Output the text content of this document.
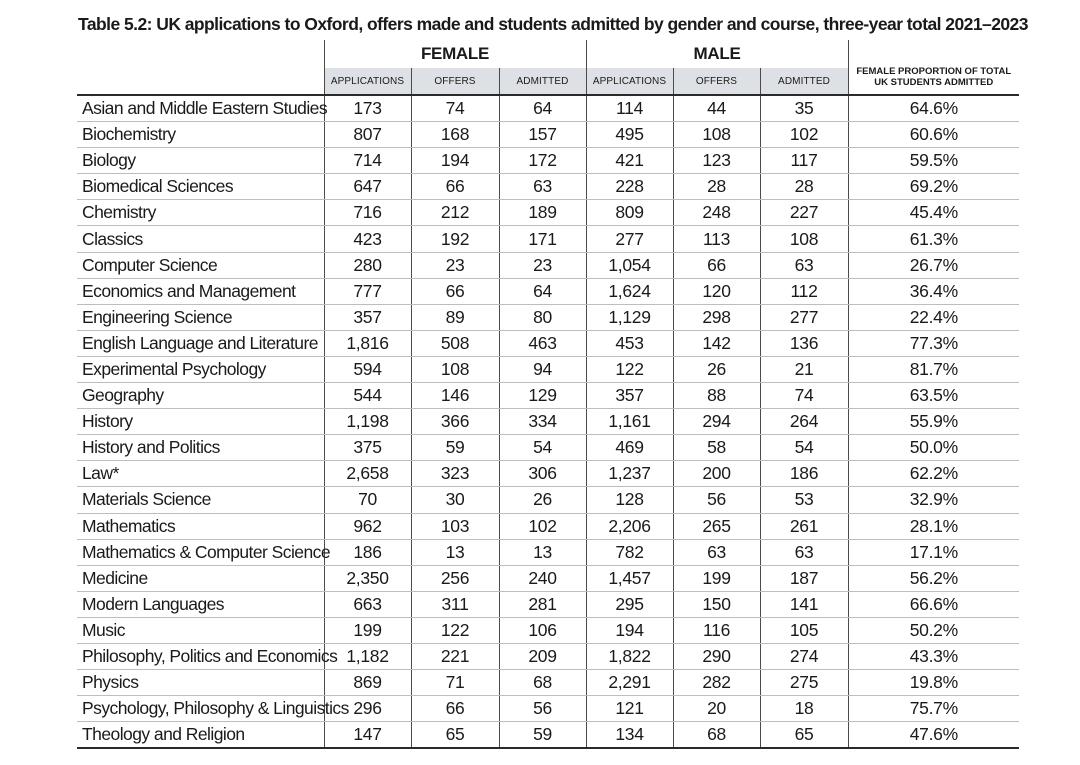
Table 5.2: UK applications to Oxford, offers made and students admitted by gender and course, three-year total 2021–2023
	FEMALE			MALE			FEMALE PROPORTION OF TOTAL UK STUDENTS ADMITTED
	APPLICATIONS	OFFERS	ADMITTED	APPLICATIONS	OFFERS	ADMITTED	
Asian and Middle Eastern Studies	173	74	64	114	44	35	64.6%
Biochemistry	807	168	157	495	108	102	60.6%
Biology	714	194	172	421	123	117	59.5%
Biomedical Sciences	647	66	63	228	28	28	69.2%
Chemistry	716	212	189	809	248	227	45.4%
Classics	423	192	171	277	113	108	61.3%
Computer Science	280	23	23	1,054	66	63	26.7%
Economics and Management	777	66	64	1,624	120	112	36.4%
Engineering Science	357	89	80	1,129	298	277	22.4%
English Language and Literature	1,816	508	463	453	142	136	77.3%
Experimental Psychology	594	108	94	122	26	21	81.7%
Geography	544	146	129	357	88	74	63.5%
History	1,198	366	334	1,161	294	264	55.9%
History and Politics	375	59	54	469	58	54	50.0%
Law*	2,658	323	306	1,237	200	186	62.2%
Materials Science	70	30	26	128	56	53	32.9%
Mathematics	962	103	102	2,206	265	261	28.1%
Mathematics & Computer Science	186	13	13	782	63	63	17.1%
Medicine	2,350	256	240	1,457	199	187	56.2%
Modern Languages	663	311	281	295	150	141	66.6%
Music	199	122	106	194	116	105	50.2%
Philosophy, Politics and Economics	1,182	221	209	1,822	290	274	43.3%
Physics	869	71	68	2,291	282	275	19.8%
Psychology, Philosophy & Linguistics	296	66	56	121	20	18	75.7%
Theology and Religion	147	65	59	134	68	65	47.6%
